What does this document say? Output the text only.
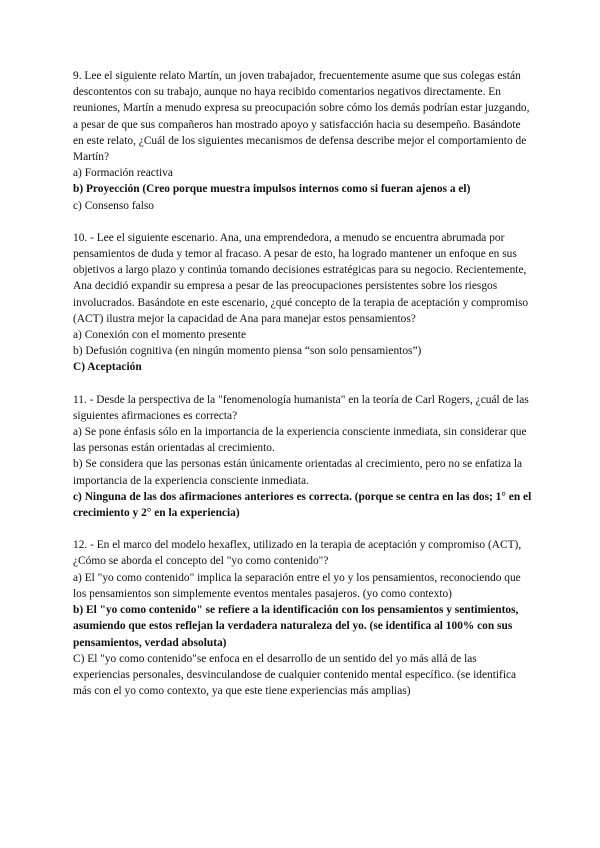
9. Lee el siguiente relato Martín, un joven trabajador, frecuentemente asume que sus colegas están descontentos con su trabajo, aunque no haya recibido comentarios negativos directamente. En reuniones, Martín a menudo expresa su preocupación sobre cómo los demás podrían estar juzgando, a pesar de que sus compañeros han mostrado apoyo y satisfacción hacia su desempeño. Basándote en este relato, ¿Cuál de los siguientes mecanismos de defensa describe mejor el comportamiento de Martín?

a) Formación reactiva

b) Proyección (Creo porque muestra impulsos internos como si fueran ajenos a el)

c) Consenso falso

10. - Lee el siguiente escenario. Ana, una emprendedora, a menudo se encuentra abrumada por pensamientos de duda y temor al fracaso. A pesar de esto, ha logrado mantener un enfoque en sus objetivos a largo plazo y continúa tomando decisiones estratégicas para su negocio. Recientemente, Ana decidió expandir su empresa a pesar de las preocupaciones persistentes sobre los riesgos involucrados. Basándote en este escenario, ¿qué concepto de la terapia de aceptación y compromiso (ACT) ilustra mejor la capacidad de Ana para manejar estos pensamientos?

a) Conexión con el momento presente

b) Defusión cognitiva (en ningún momento piensa “son solo pensamientos”)

C) Aceptación

11. - Desde la perspectiva de la "fenomenología humanista" en la teoría de Carl Rogers, ¿cuál de las siguientes afirmaciones es correcta?

a) Se pone énfasis sólo en la importancia de la experiencia consciente inmediata, sin considerar que las personas están orientadas al crecimiento.

b) Se considera que las personas están únicamente orientadas al crecimiento, pero no se enfatiza la importancia de la experiencia consciente inmediata.

c) Ninguna de las dos afirmaciones anteriores es correcta. (porque se centra en las dos; 1° en el crecimiento y 2° en la experiencia)

12. - En el marco del modelo hexaflex, utilizado en la terapia de aceptación y compromiso (ACT),¿Cómo se aborda el concepto del "yo como contenido"?

a) El "yo como contenido" implica la separación entre el yo y los pensamientos, reconociendo que los pensamientos son simplemente eventos mentales pasajeros. (yo como contexto)

b) El "yo como contenido" se refiere a la identificación con los pensamientos y sentimientos, asumiendo que estos reflejan la verdadera naturaleza del yo. (se identifica al 100% con sus pensamientos, verdad absoluta)

C) El "yo como contenido"se enfoca en el desarrollo de un sentido del yo más allá de las experiencias personales, desvinculandose de cualquier contenido mental específico. (se identifica más con el yo como contexto, ya que este tiene experiencias más amplias)
